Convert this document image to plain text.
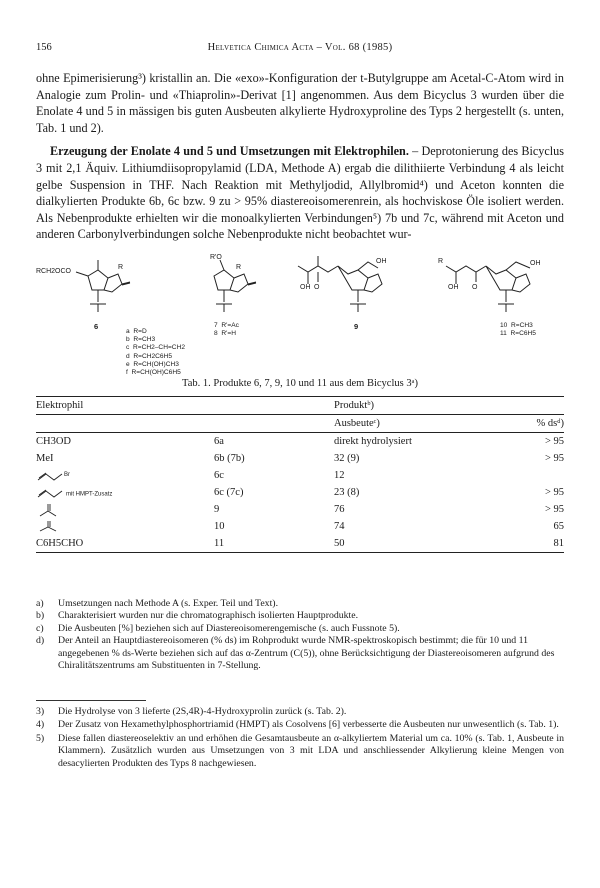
156	Helvetica Chimica Acta – Vol. 68 (1985)

ohne Epimerisierung³) kristallin an. Die «exo»-Konfiguration der t-Butylgruppe am Acetal-C-Atom wird in Analogie zum Prolin- und «Thiaprolin»-Derivat [1] angenommen. Aus dem Bicyclus 3 wurden über die Enolate 4 und 5 in mässigen bis guten Ausbeuten alkylierte Hydroxyproline des Typs 2 hergestellt (s. unten, Tab. 1 und 2).

Erzeugung der Enolate 4 und 5 und Umsetzungen mit Elektrophilen. – Deprotonierung des Bicyclus 3 mit 2,1 Äquiv. Lithiumdiisopropylamid (LDA, Methode A) ergab die dilithiierte Verbindung 4 als leicht gelbe Suspension in THF. Nach Reaktion mit Methyljodid, Allylbromid⁴) und Aceton konnten die dialkylierten Produkte 6b, 6c bzw. 9 zu > 95% diastereoisomerenrein, als hochviskose Öle isoliert werden. Als Nebenprodukte erhielten wir die monoalkylierten Verbindungen⁵) 7b und 7c, während mit Aceton und anderen Carbonylverbindungen solche Nebenprodukte nicht beobachtet wur-

RCH2OCO
R
R'O
R
OH O
OH	R
OH O
OH
6
a  R=D
b  R=CH3
c  R=CH2–CH=CH2
d  R=CH2C6H5
e  R=CH(OH)CH3
f  R=CH(OH)C6H5
7  R'=Ac
8  R'=H
9	10  R=CH3
11  R=C6H5
Tab. 1. Produkte 6, 7, 9, 10 und 11 aus dem Bicyclus 3ᵃ)
Elektrophil		Produktᵇ)	
		Ausbeuteᶜ)	% dsᵈ)
CH3OD	6a	direkt hydrolysiert	> 95
MeI	6b (7b)	32 (9)	> 95

Br	6c	12	
mit HMPT-Zusatz	6c (7c)	23 (8)	> 95
	9	76	> 95
	10	74	65
C6H5CHO	11	50	81
a)	Umsetzungen nach Methode A (s. Exper. Teil und Text).
b)	Charakterisiert wurden nur die chromatographisch isolierten Hauptprodukte.
c)	Die Ausbeuten [%] beziehen sich auf Diastereoisomerengemische (s. auch Fussnote 5).
d)	Der Anteil an Hauptdiastereoisomeren (% ds) im Rohprodukt wurde NMR-spektroskopisch bestimmt; die für 10 und 11 angegebenen % ds-Werte beziehen sich auf das α-Zentrum (C(5)), ohne Berücksichtigung der Diastereoisomeren aufgrund des Chiralitätszentrums am Substituenten in 7-Stellung.
3)	Die Hydrolyse von 3 lieferte (2S,4R)-4-Hydroxyprolin zurück (s. Tab. 2).
4)	Der Zusatz von Hexamethylphosphortriamid (HMPT) als Cosolvens [6] verbesserte die Ausbeuten nur unwesentlich (s. Tab. 1).
5)	Diese fallen diastereoselektiv an und erhöhen die Gesamtausbeute an α-alkyliertem Material um ca. 10% (s. Tab. 1, Ausbeute in Klammern). Zusätzlich wurden aus Umsetzungen von 3 mit LDA und anschliessender Alkylierung kleine Mengen von desacylierten Produkten des Typs 8 nachgewiesen.
